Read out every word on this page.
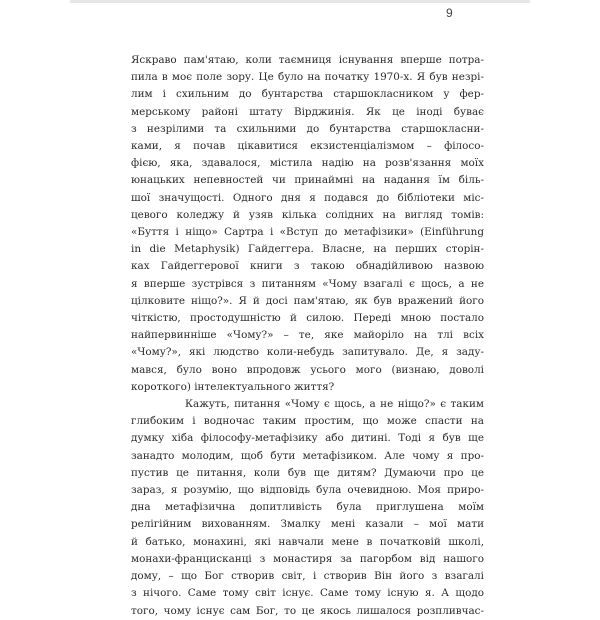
9
Яскраво пам'ятаю, коли таємниця існування вперше потра-
пила в моє поле зору. Це було на початку 1970-х. Я був незрі-
лим і схильним до бунтарства старшокласником у фер-
мерському районі штату Вірджинія. Як це іноді буває
з незрілими та схильними до бунтарства старшокласни-
ками, я почав цікавитися екзистенціалізмом – філосо-
фією, яка, здавалося, містила надію на розв'язання моїх
юнацьких непевностей чи принаймні на надання їм біль-
шої значущості. Одного дня я подався до бібліотеки міс-
цевого коледжу й узяв кілька солідних на вигляд томів:
«Буття і ніщо» Сартра і «Вступ до метафізики» (Einführung
in die Metaphysik) Гайдеггера. Власне, на перших сторін-
ках Гайдеггерової книги з такою обнадійливою назвою
я вперше зустрівся з питанням «Чому взагалі є щось, а не
цілковите ніщо?». Я й досі пам'ятаю, як був вражений його
чіткістю, простодушністю й силою. Переді мною постало
найпервинніше «Чому?» – те, яке майоріло на тлі всіх
«Чому?», які людство коли-небудь запитувало. Де, я заду-
мався, було воно впродовж усього мого (визнаю, доволі
короткого) інтелектуального життя?
Кажуть, питання «Чому є щось, а не ніщо?» є таким
глибоким і водночас таким простим, що може спасти на
думку хіба філософу-метафізику або дитині. Тоді я був ще
занадто молодим, щоб бути метафізиком. Але чому я про-
пустив це питання, коли був ще дитям? Думаючи про це
зараз, я розумію, що відповідь була очевидною. Моя приро-
дна метафізична допитливість була приглушена моїм
релігійним вихованням. Змалку мені казали – мої мати
й батько, монахині, які навчали мене в початковій школі,
монахи-францисканці з монастиря за пагорбом від нашого
дому, – що Бог створив світ, і створив Він його з взагалі
з нічого. Саме тому світ існує. Саме тому існую я. А щодо
того, чому існує сам Бог, то це якось лишалося розпливчас-
